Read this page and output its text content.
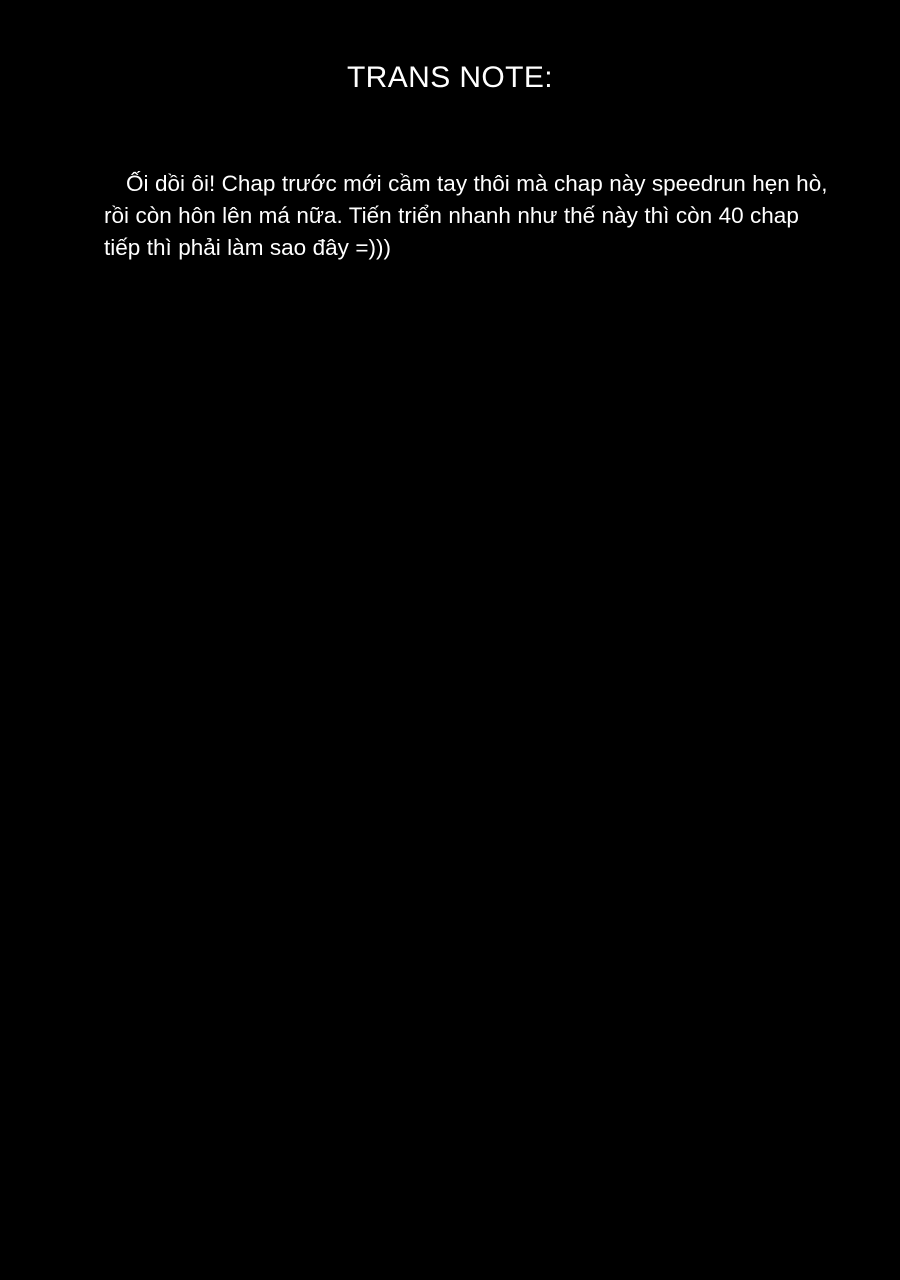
TRANS NOTE:
Ối dồi ôi! Chap trước mới cầm tay thôi mà chap này speedrun hẹn hò, rồi còn hôn lên má nữa. Tiến triển nhanh như thế này thì còn 40 chap tiếp thì phải làm sao đây =)))
